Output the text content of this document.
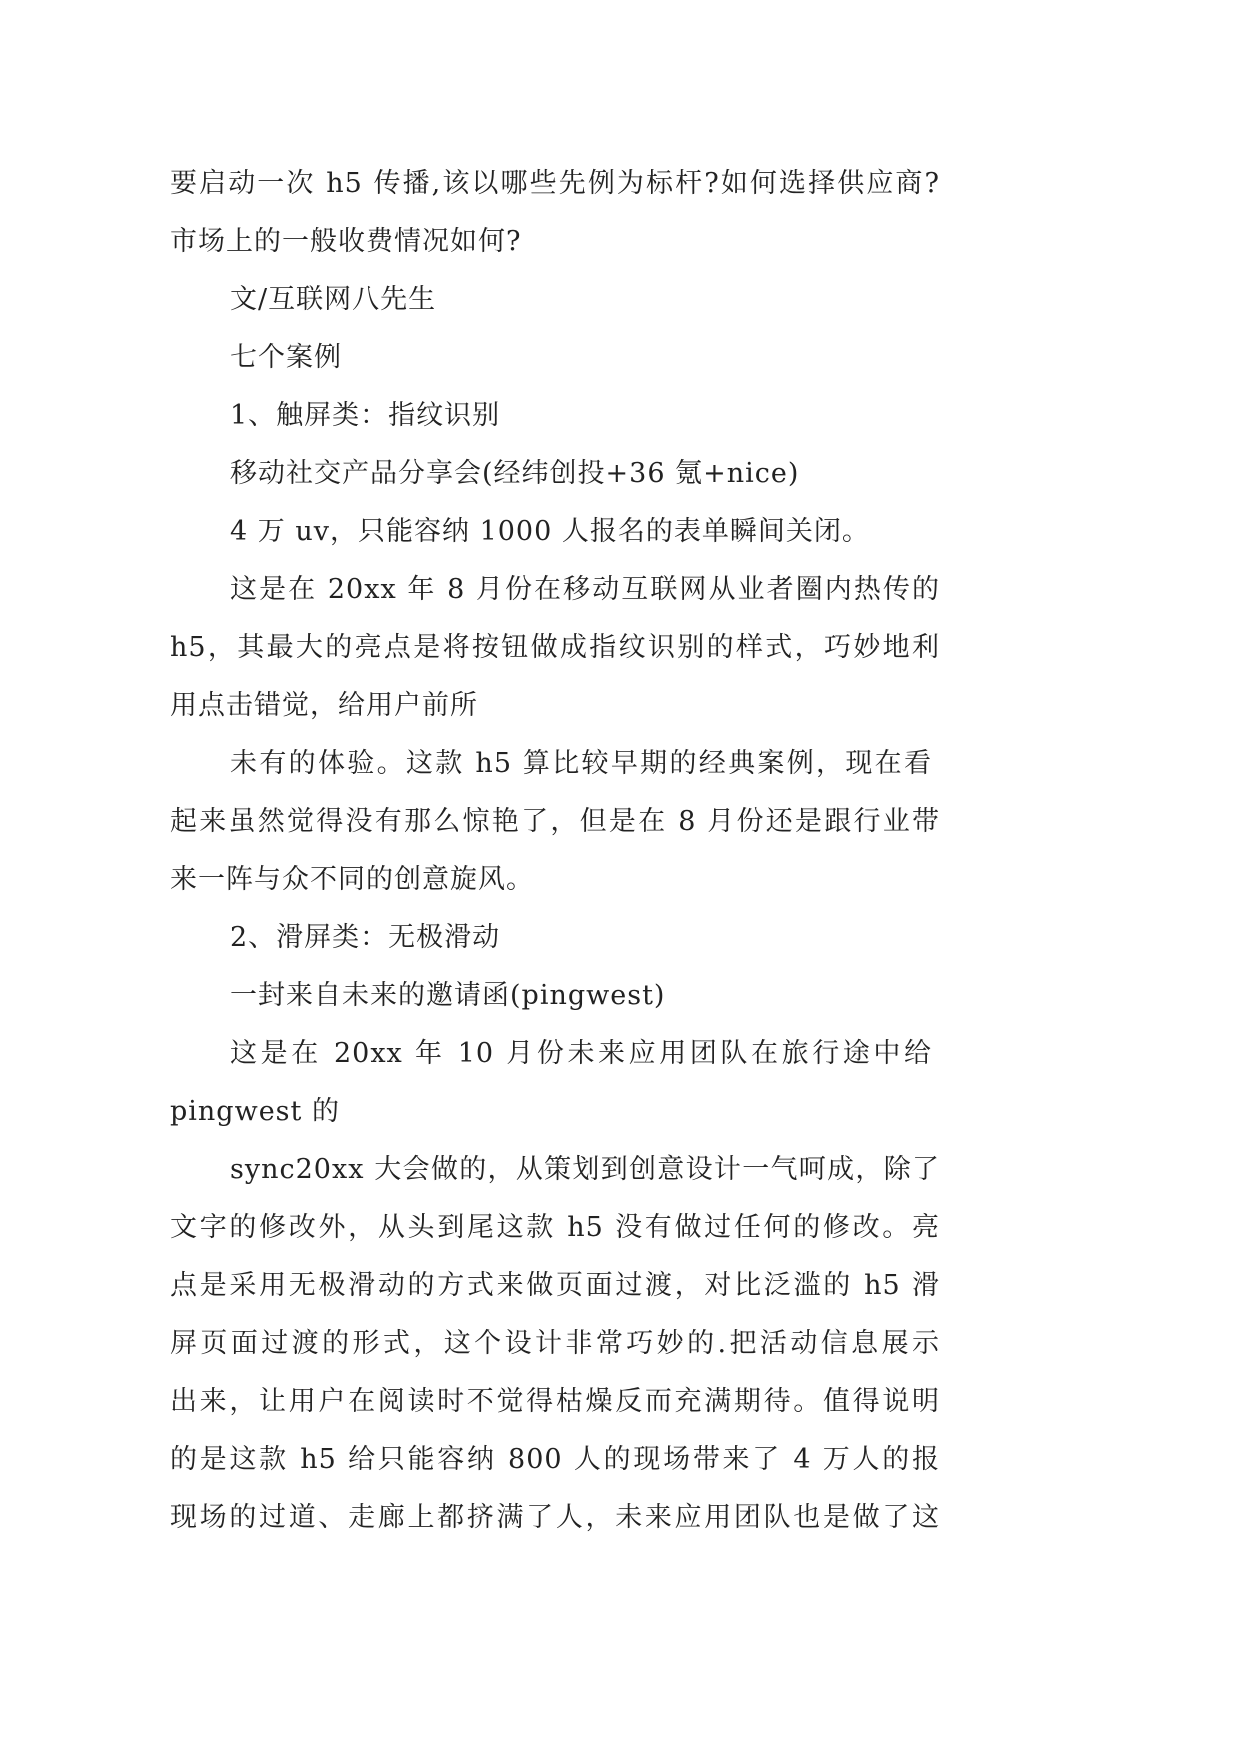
要启动一次 h5 传播,该以哪些先例为标杆?如何选择供应商?
市场上的一般收费情况如何?
文/互联网八先生
七个案例
1、触屏类：指纹识别
移动社交产品分享会(经纬创投+36 氪+nice)
4 万 uv，只能容纳 1000 人报名的表单瞬间关闭。
这是在 20xx 年 8 月份在移动互联网从业者圈内热传的
h5，其最大的亮点是将按钮做成指纹识别的样式，巧妙地利
用点击错觉，给用户前所
未有的体验。这款 h5 算比较早期的经典案例，现在看
起来虽然觉得没有那么惊艳了，但是在 8 月份还是跟行业带
来一阵与众不同的创意旋风。
2、滑屏类：无极滑动
一封来自未来的邀请函(pingwest)
这是在 20xx 年 10 月份未来应用团队在旅行途中给
pingwest 的
sync20xx 大会做的，从策划到创意设计一气呵成，除了
文字的修改外，从头到尾这款 h5 没有做过任何的修改。亮
点是采用无极滑动的方式来做页面过渡，对比泛滥的 h5 滑
屏页面过渡的形式，这个设计非常巧妙的.把活动信息展示
出来，让用户在阅读时不觉得枯燥反而充满期待。值得说明
的是这款 h5 给只能容纳 800 人的现场带来了 4 万人的报
现场的过道、走廊上都挤满了人，未来应用团队也是做了这
